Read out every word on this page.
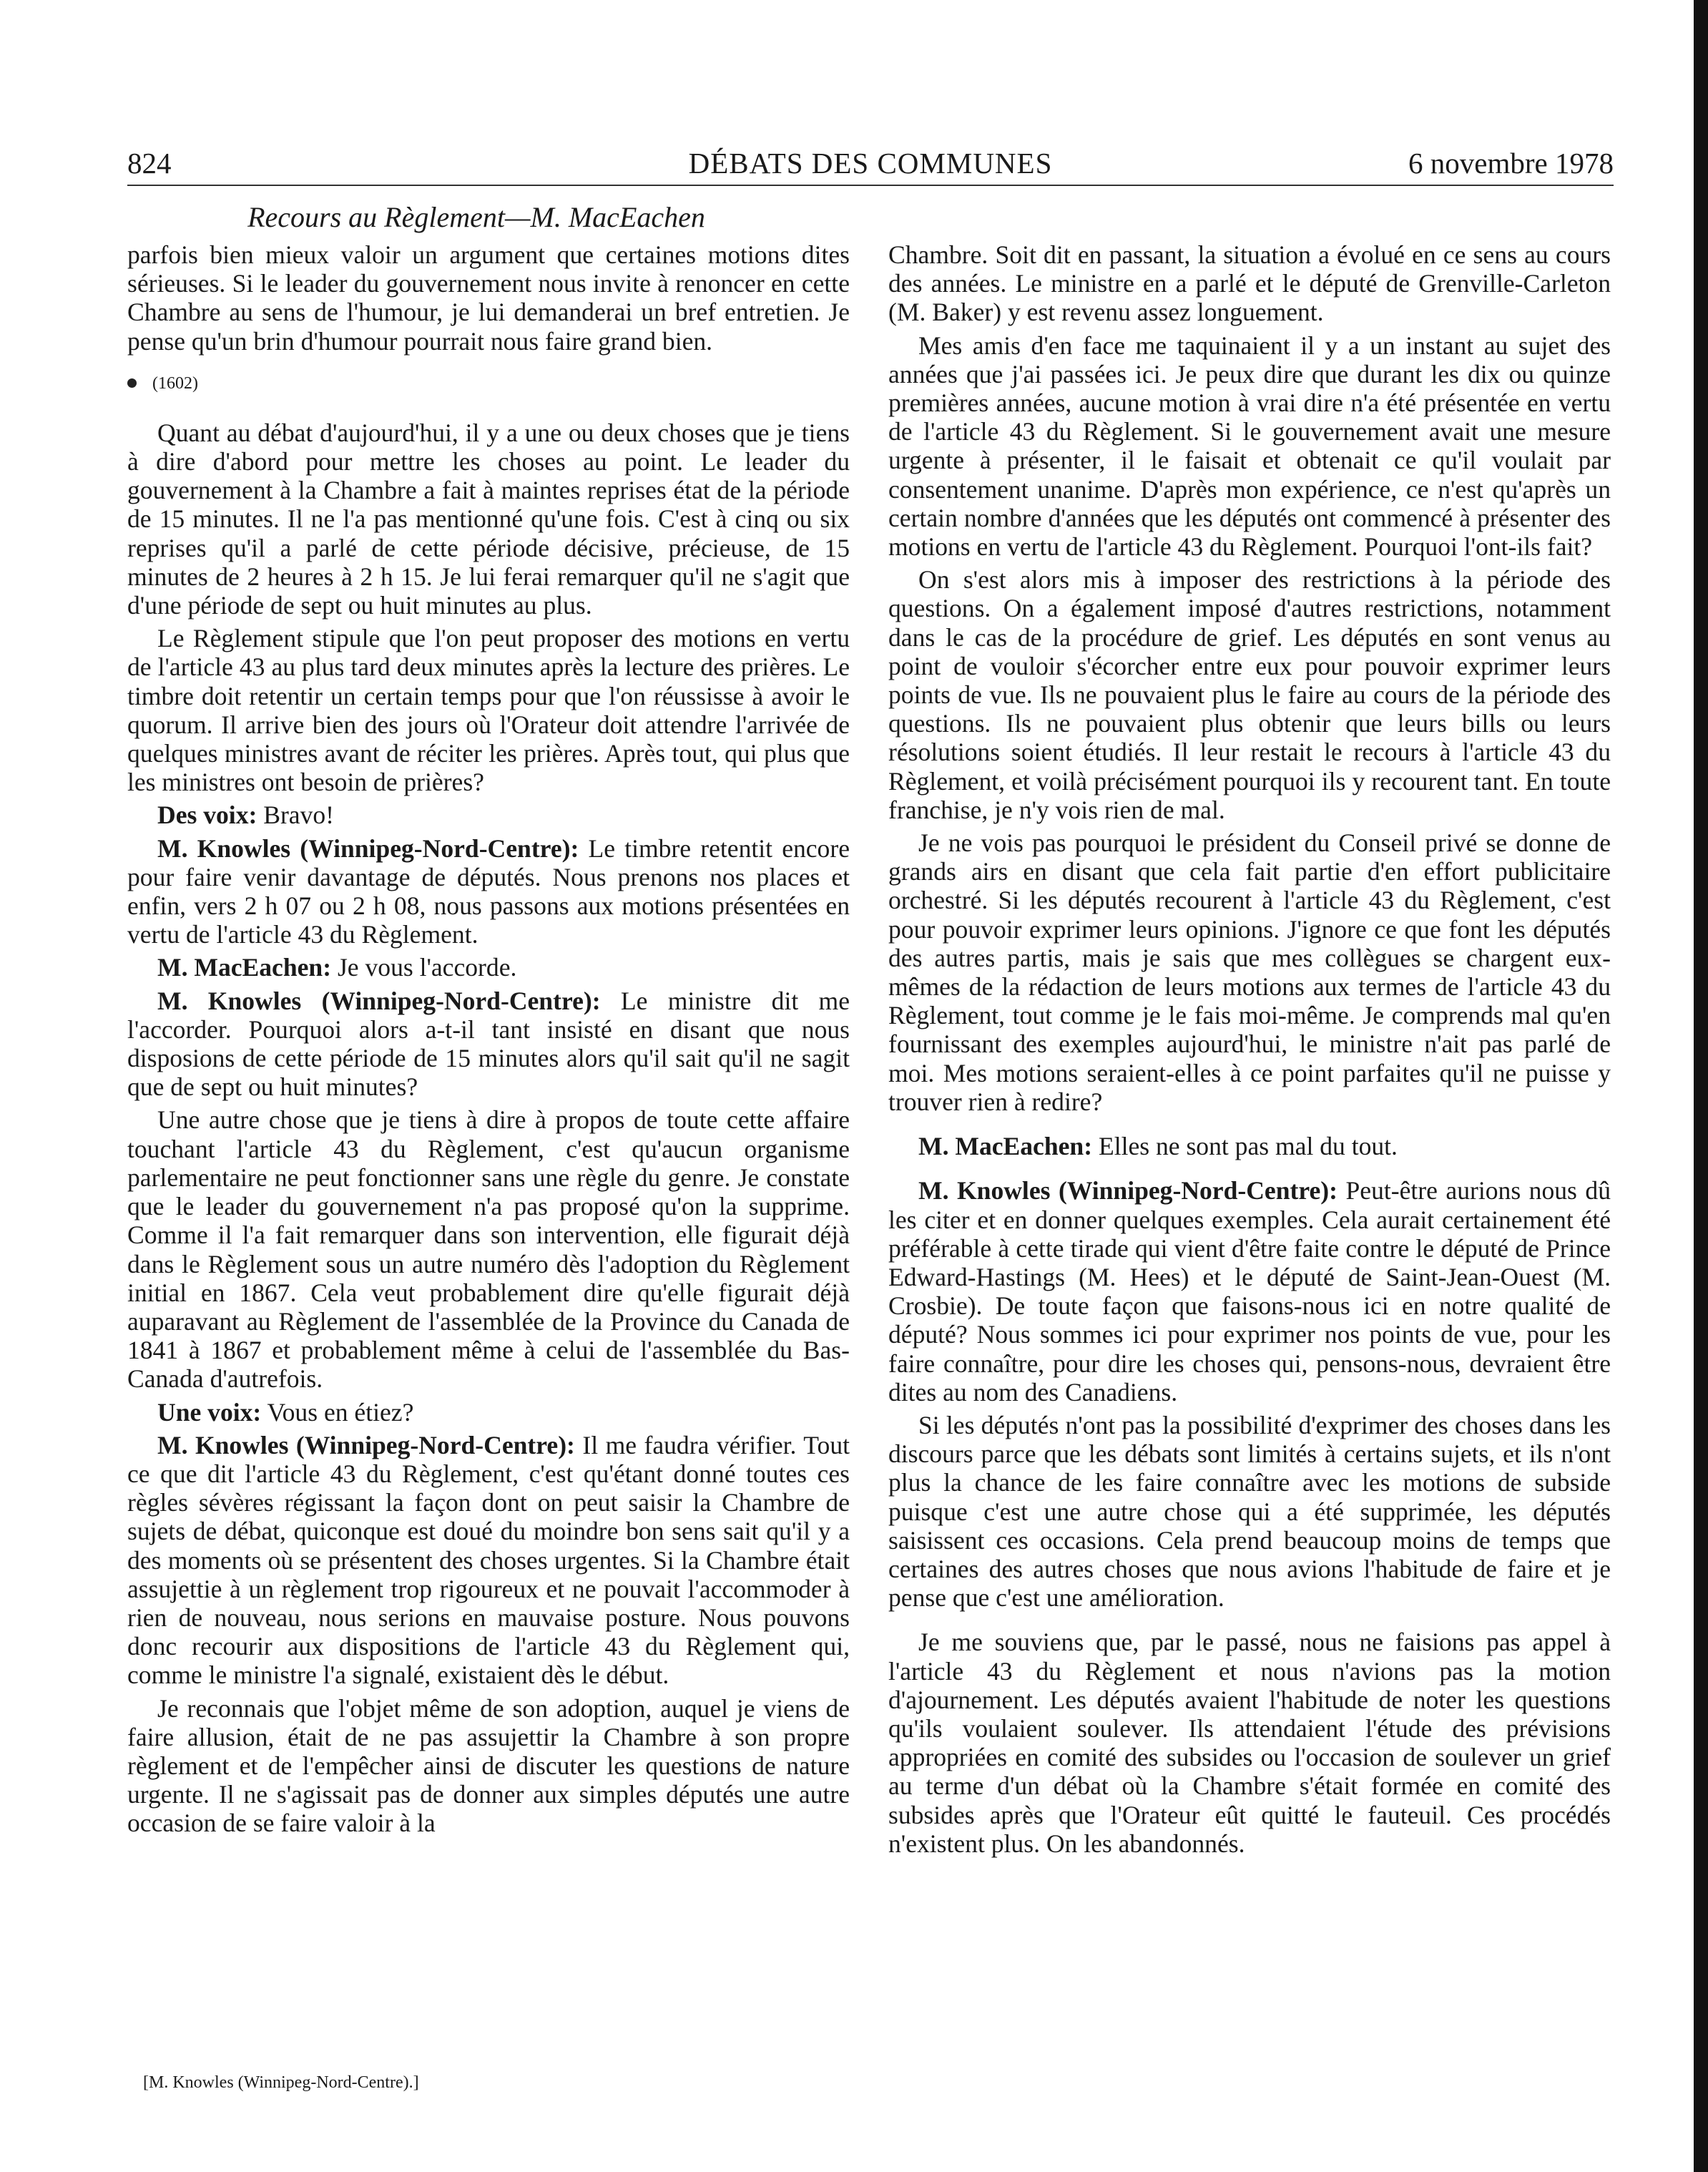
824	DÉBATS DES COMMUNES	6 novembre 1978
Recours au Règlement—M. MacEachen

parfois bien mieux valoir un argument que certaines motions dites sérieuses. Si le leader du gouvernement nous invite à renoncer en cette Chambre au sens de l'humour, je lui demanderai un bref entretien. Je pense qu'un brin d'humour pourrait nous faire grand bien.

(1602)

Quant au débat d'aujourd'hui, il y a une ou deux choses que je tiens à dire d'abord pour mettre les choses au point. Le leader du gouvernement à la Chambre a fait à maintes reprises état de la période de 15 minutes. Il ne l'a pas mentionné qu'une fois. C'est à cinq ou six reprises qu'il a parlé de cette période décisive, précieuse, de 15 minutes de 2 heures à 2 h 15. Je lui ferai remarquer qu'il ne s'agit que d'une période de sept ou huit minutes au plus.

Le Règlement stipule que l'on peut proposer des motions en vertu de l'article 43 au plus tard deux minutes après la lecture des prières. Le timbre doit retentir un certain temps pour que l'on réussisse à avoir le quorum. Il arrive bien des jours où l'Orateur doit attendre l'arrivée de quelques ministres avant de réciter les prières. Après tout, qui plus que les ministres ont besoin de prières?

Des voix: Bravo!

M. Knowles (Winnipeg-Nord-Centre): Le timbre retentit encore pour faire venir davantage de députés. Nous prenons nos places et enfin, vers 2 h 07 ou 2 h 08, nous passons aux motions présentées en vertu de l'article 43 du Règlement.

M. MacEachen: Je vous l'accorde.

M. Knowles (Winnipeg-Nord-Centre): Le ministre dit me l'accorder. Pourquoi alors a-t-il tant insisté en disant que nous disposions de cette période de 15 minutes alors qu'il sait qu'il ne sagit que de sept ou huit minutes?

Une autre chose que je tiens à dire à propos de toute cette affaire touchant l'article 43 du Règlement, c'est qu'aucun organisme parlementaire ne peut fonctionner sans une règle du genre. Je constate que le leader du gouvernement n'a pas proposé qu'on la supprime. Comme il l'a fait remarquer dans son intervention, elle figurait déjà dans le Règlement sous un autre numéro dès l'adoption du Règlement initial en 1867. Cela veut probablement dire qu'elle figurait déjà auparavant au Règlement de l'assemblée de la Province du Canada de 1841 à 1867 et probablement même à celui de l'assemblée du Bas-Canada d'autrefois.

Une voix: Vous en étiez?

M. Knowles (Winnipeg-Nord-Centre): Il me faudra vérifier. Tout ce que dit l'article 43 du Règlement, c'est qu'étant donné toutes ces règles sévères régissant la façon dont on peut saisir la Chambre de sujets de débat, quiconque est doué du moindre bon sens sait qu'il y a des moments où se présentent des choses urgentes. Si la Chambre était assujettie à un règlement trop rigoureux et ne pouvait l'accommoder à rien de nouveau, nous serions en mauvaise posture. Nous pouvons donc recourir aux dispositions de l'article 43 du Règlement qui, comme le ministre l'a signalé, existaient dès le début.

Je reconnais que l'objet même de son adoption, auquel je viens de faire allusion, était de ne pas assujettir la Chambre à son propre règlement et de l'empêcher ainsi de discuter les questions de nature urgente. Il ne s'agissait pas de donner aux simples députés une autre occasion de se faire valoir à la

Chambre. Soit dit en passant, la situation a évolué en ce sens au cours des années. Le ministre en a parlé et le député de Grenville-Carleton (M. Baker) y est revenu assez longuement.

Mes amis d'en face me taquinaient il y a un instant au sujet des années que j'ai passées ici. Je peux dire que durant les dix ou quinze premières années, aucune motion à vrai dire n'a été présentée en vertu de l'article 43 du Règlement. Si le gouvernement avait une mesure urgente à présenter, il le faisait et obtenait ce qu'il voulait par consentement unanime. D'après mon expérience, ce n'est qu'après un certain nombre d'années que les députés ont commencé à présenter des motions en vertu de l'article 43 du Règlement. Pourquoi l'ont-ils fait?

On s'est alors mis à imposer des restrictions à la période des questions. On a également imposé d'autres restrictions, notamment dans le cas de la procédure de grief. Les députés en sont venus au point de vouloir s'écorcher entre eux pour pouvoir exprimer leurs points de vue. Ils ne pouvaient plus le faire au cours de la période des questions. Ils ne pouvaient plus obtenir que leurs bills ou leurs résolutions soient étudiés. Il leur restait le recours à l'article 43 du Règlement, et voilà précisément pourquoi ils y recourent tant. En toute franchise, je n'y vois rien de mal.

Je ne vois pas pourquoi le président du Conseil privé se donne de grands airs en disant que cela fait partie d'en effort publicitaire orchestré. Si les députés recourent à l'article 43 du Règlement, c'est pour pouvoir exprimer leurs opinions. J'ignore ce que font les députés des autres partis, mais je sais que mes collègues se chargent eux-mêmes de la rédaction de leurs motions aux termes de l'article 43 du Règlement, tout comme je le fais moi-même. Je comprends mal qu'en fournissant des exemples aujourd'hui, le ministre n'ait pas parlé de moi. Mes motions seraient-elles à ce point parfaites qu'il ne puisse y trouver rien à redire?

M. MacEachen: Elles ne sont pas mal du tout.

M. Knowles (Winnipeg-Nord-Centre): Peut-être aurions nous dû les citer et en donner quelques exemples. Cela aurait certainement été préférable à cette tirade qui vient d'être faite contre le député de Prince Edward-Hastings (M. Hees) et le député de Saint-Jean-Ouest (M. Crosbie). De toute façon que faisons-nous ici en notre qualité de député? Nous sommes ici pour exprimer nos points de vue, pour les faire connaître, pour dire les choses qui, pensons-nous, devraient être dites au nom des Canadiens.

Si les députés n'ont pas la possibilité d'exprimer des choses dans les discours parce que les débats sont limités à certains sujets, et ils n'ont plus la chance de les faire connaître avec les motions de subside puisque c'est une autre chose qui a été supprimée, les députés saisissent ces occasions. Cela prend beaucoup moins de temps que certaines des autres choses que nous avions l'habitude de faire et je pense que c'est une amélioration.

Je me souviens que, par le passé, nous ne faisions pas appel à l'article 43 du Règlement et nous n'avions pas la motion d'ajournement. Les députés avaient l'habitude de noter les questions qu'ils voulaient soulever. Ils attendaient l'étude des prévisions appropriées en comité des subsides ou l'occasion de soulever un grief au terme d'un débat où la Chambre s'était formée en comité des subsides après que l'Orateur eût quitté le fauteuil. Ces procédés n'existent plus. On les abandonnés.

[M. Knowles (Winnipeg-Nord-Centre).]
